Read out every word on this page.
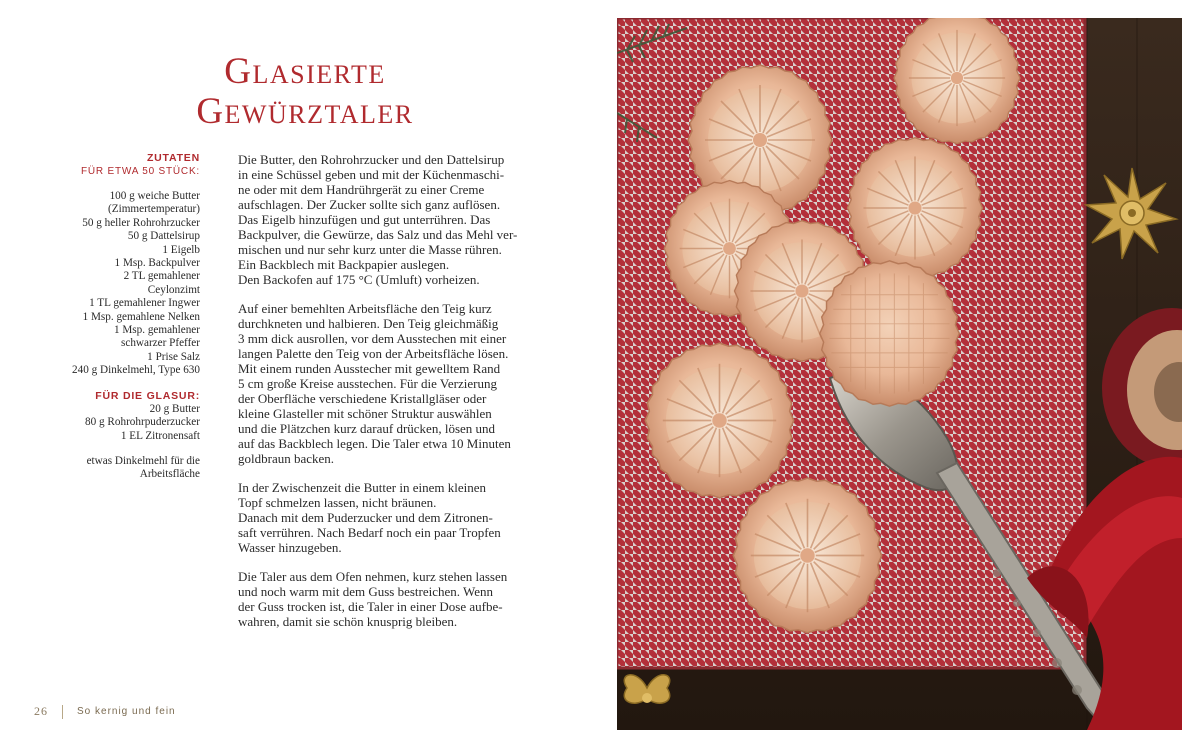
Glasierte
Gewürztaler
ZUTATEN
FÜR ETWA 50 STÜCK:
100 g weiche Butter
(Zimmertemperatur)
50 g heller Rohrohrzucker
50 g Dattelsirup
1 Eigelb
1 Msp. Backpulver
2 TL gemahlener
Ceylonzimt
1 TL gemahlener Ingwer
1 Msp. gemahlene Nelken
1 Msp. gemahlener
schwarzer Pfeffer
1 Prise Salz
240 g Dinkelmehl, Type 630
FÜR DIE GLASUR:
20 g Butter
80 g Rohrohrpuderzucker
1 EL Zitronensaft
etwas Dinkelmehl für die
Arbeitsfläche

Die Butter, den Rohrohrzucker und den Dattelsirup
in eine Schüssel geben und mit der Küchenmaschi-
ne oder mit dem Handrührgerät zu einer Creme
aufschlagen. Der Zucker sollte sich ganz auflösen.
Das Eigelb hinzufügen und gut unterrühren. Das
Backpulver, die Gewürze, das Salz und das Mehl ver-
mischen und nur sehr kurz unter die Masse rühren.
Ein Backblech mit Backpapier auslegen.
Den Backofen auf 175 °C (Umluft) vorheizen.

Auf einer bemehlten Arbeitsfläche den Teig kurz
durchkneten und halbieren. Den Teig gleichmäßig
3 mm dick ausrollen, vor dem Ausstechen mit einer
langen Palette den Teig von der Arbeitsfläche lösen.
Mit einem runden Ausstecher mit gewelltem Rand
5 cm große Kreise ausstechen. Für die Verzierung
der Oberfläche verschiedene Kristallgläser oder
kleine Glasteller mit schöner Struktur auswählen
und die Plätzchen kurz darauf drücken, lösen und
auf das Backblech legen. Die Taler etwa 10 Minuten
goldbraun backen.

In der Zwischenzeit die Butter in einem kleinen
Topf schmelzen lassen, nicht bräunen.
Danach mit dem Puderzucker und dem Zitronen-
saft verrühren. Nach Bedarf noch ein paar Tropfen
Wasser hinzugeben.

Die Taler aus dem Ofen nehmen, kurz stehen lassen
und noch warm mit dem Guss bestreichen. Wenn
der Guss trocken ist, die Taler in einer Dose aufbe-
wahren, damit sie schön knusprig bleiben.

26	So kernig und fein
